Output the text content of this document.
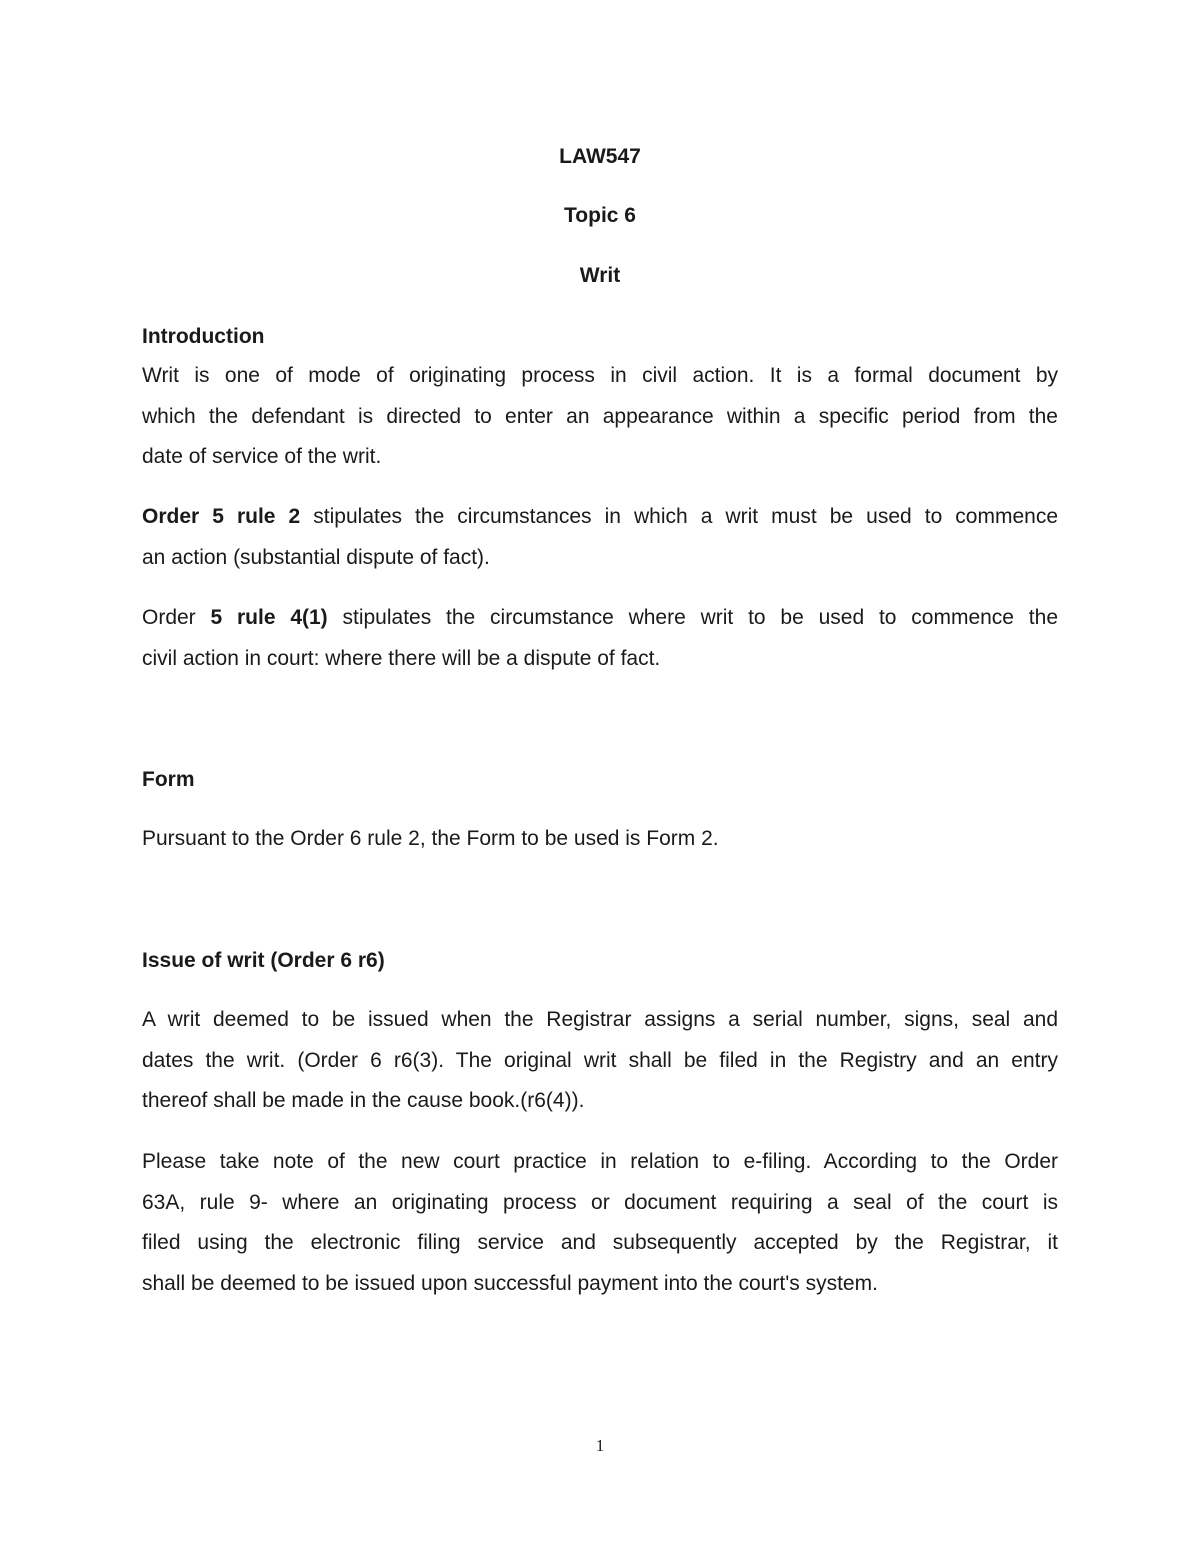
LAW547
Topic 6
Writ
Introduction
Writ is one of mode of originating process in civil action. It is a formal document by
which the defendant is directed to enter an appearance within a specific period from the
date of service of the writ.
Order 5 rule 2 stipulates the circumstances in which a writ must be used to commence
an action (substantial dispute of fact).
Order 5 rule 4(1) stipulates the circumstance where writ to be used to commence the
civil action in court: where there will be a dispute of fact.
Form
Pursuant to the Order 6 rule 2, the Form to be used is Form 2.
Issue of writ (Order 6 r6)
A writ deemed to be issued when the Registrar assigns a serial number, signs, seal and
dates the writ. (Order 6 r6(3). The original writ shall be filed in the Registry and an entry
thereof shall be made in the cause book.(r6(4)).
Please take note of the new court practice in relation to e-filing. According to the Order
63A, rule 9- where an originating process or document requiring a seal of the court is
filed using the electronic filing service and subsequently accepted by the Registrar, it
shall be deemed to be issued upon successful payment into the court's system.
1
